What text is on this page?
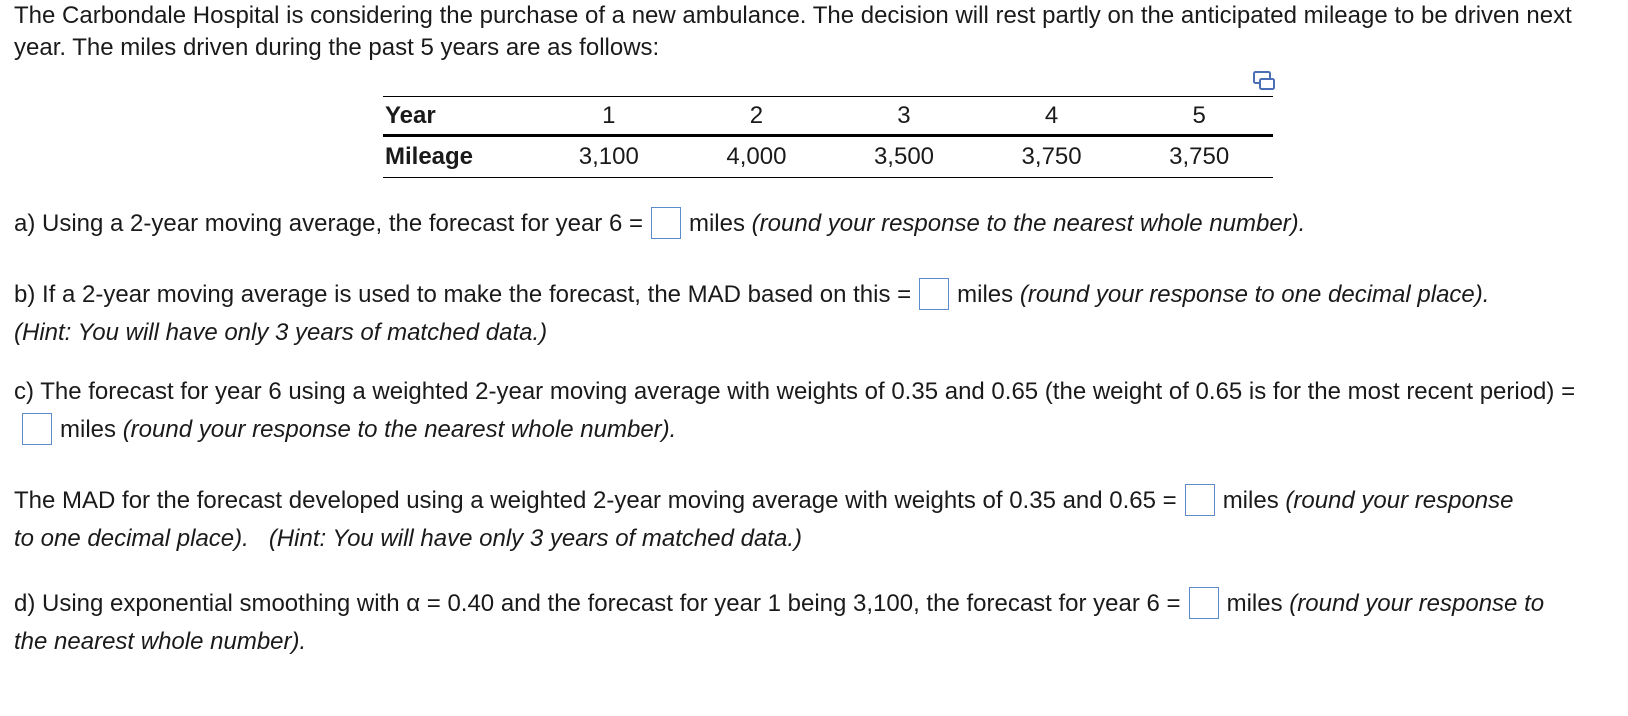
The Carbondale Hospital is considering the purchase of a new ambulance. The decision will rest partly on the anticipated mileage to be driven next year. The miles driven during the past 5 years are as follows:
Year	1	2	3	4	5
Mileage	3,100	4,000	3,500	3,750	3,750
a) Using a 2-year moving average, the forecast for year 6 = miles (round your response to the nearest whole number).
b) If a 2-year moving average is used to make the forecast, the MAD based on this = miles (round your response to one decimal place).
(Hint: You will have only 3 years of matched data.)
c) The forecast for year 6 using a weighted 2-year moving average with weights of 0.35 and 0.65 (the weight of 0.65 is for the most recent period) =miles (round your response to the nearest whole number).
The MAD for the forecast developed using a weighted 2-year moving average with weights of 0.35 and 0.65 = miles (round your response to one decimal place). (Hint: You will have only 3 years of matched data.)
d) Using exponential smoothing with α = 0.40 and the forecast for year 1 being 3,100, the forecast for year 6 = miles (round your response to the nearest whole number).
